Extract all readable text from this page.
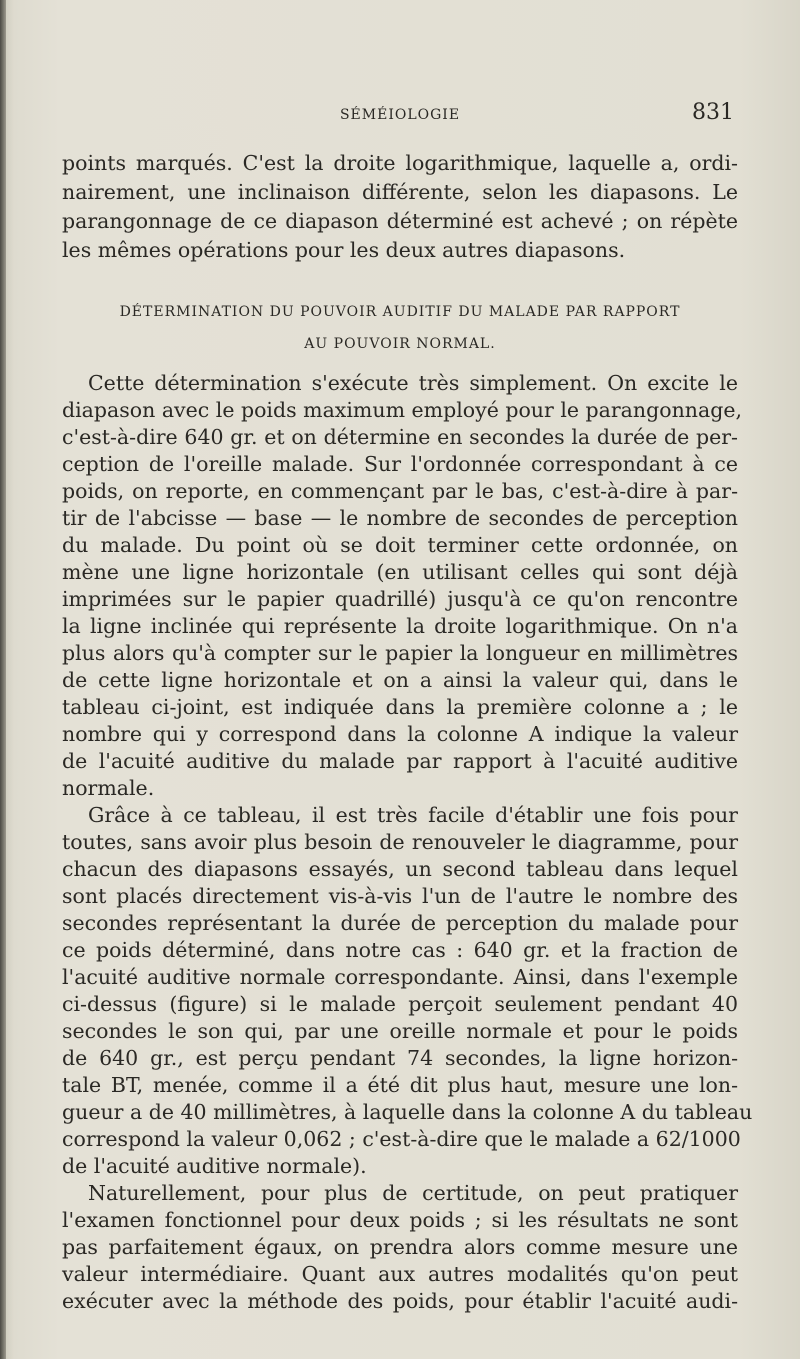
SÉMÉIOLOGIE	831
points marqués. C'est la droite logarithmique, laquelle a, ordi-
nairement, une inclinaison différente, selon les diapasons. Le
parangonnage de ce diapason déterminé est achevé ; on répète
les mêmes opérations pour les deux autres diapasons.
DÉTERMINATION DU POUVOIR AUDITIF DU MALADE PAR RAPPORT
AU POUVOIR NORMAL.
Cette détermination s'exécute très simplement. On excite le
diapason avec le poids maximum employé pour le parangonnage,
c'est-à-dire 640 gr. et on détermine en secondes la durée de per-
ception de l'oreille malade. Sur l'ordonnée correspondant à ce
poids, on reporte, en commençant par le bas, c'est-à-dire à par-
tir de l'abcisse — base — le nombre de secondes de perception
du malade. Du point où se doit terminer cette ordonnée, on
mène une ligne horizontale (en utilisant celles qui sont déjà
imprimées sur le papier quadrillé) jusqu'à ce qu'on rencontre
la ligne inclinée qui représente la droite logarithmique. On n'a
plus alors qu'à compter sur le papier la longueur en millimètres
de cette ligne horizontale et on a ainsi la valeur qui, dans le
tableau ci-joint, est indiquée dans la première colonne a ; le
nombre qui y correspond dans la colonne A indique la valeur
de l'acuité auditive du malade par rapport à l'acuité auditive
normale.
Grâce à ce tableau, il est très facile d'établir une fois pour
toutes, sans avoir plus besoin de renouveler le diagramme, pour
chacun des diapasons essayés, un second tableau dans lequel
sont placés directement vis-à-vis l'un de l'autre le nombre des
secondes représentant la durée de perception du malade pour
ce poids déterminé, dans notre cas : 640 gr. et la fraction de
l'acuité auditive normale correspondante. Ainsi, dans l'exemple
ci-dessus (figure) si le malade perçoit seulement pendant 40
secondes le son qui, par une oreille normale et pour le poids
de 640 gr., est perçu pendant 74 secondes, la ligne horizon-
tale BT, menée, comme il a été dit plus haut, mesure une lon-
gueur a de 40 millimètres, à laquelle dans la colonne A du tableau
correspond la valeur 0,062 ; c'est-à-dire que le malade a 62/1000
de l'acuité auditive normale).
Naturellement, pour plus de certitude, on peut pratiquer
l'examen fonctionnel pour deux poids ; si les résultats ne sont
pas parfaitement égaux, on prendra alors comme mesure une
valeur intermédiaire. Quant aux autres modalités qu'on peut
exécuter avec la méthode des poids, pour établir l'acuité audi-
